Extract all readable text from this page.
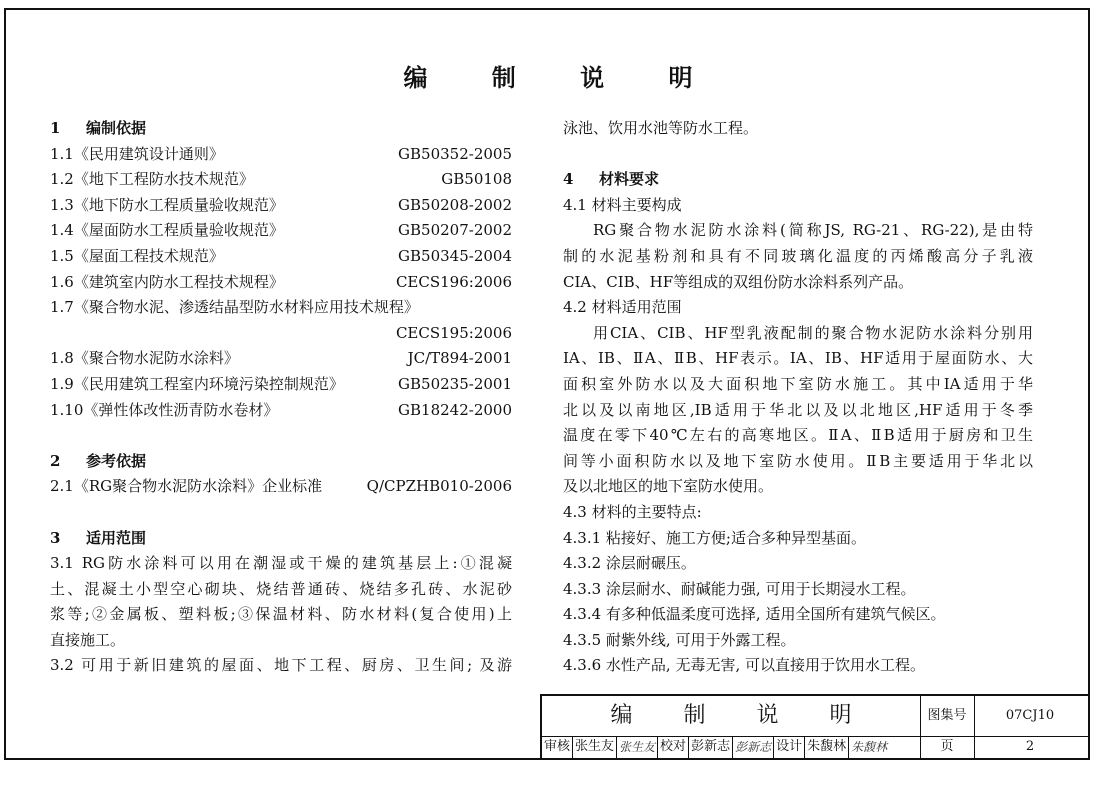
编 制 说 明
1 编制依据
1.1《民用建筑设计通则》	GB50352-2005
1.2《地下工程防水技术规范》	GB50108
1.3《地下防水工程质量验收规范》	GB50208-2002
1.4《屋面防水工程质量验收规范》	GB50207-2002
1.5《屋面工程技术规范》	GB50345-2004
1.6《建筑室内防水工程技术规程》	CECS196:2006
1.7《聚合物水泥、渗透结晶型防水材料应用技术规程》
CECS195:2006
1.8《聚合物水泥防水涂料》	JC/T894-2001
1.9《民用建筑工程室内环境污染控制规范》	GB50235-2001
1.10《弹性体改性沥青防水卷材》	GB18242-2000
2 参考依据
2.1《RG聚合物水泥防水涂料》企业标准	Q/CPZHB010-2006
3 适用范围
3.1 RG防水涂料可以用在潮湿或干燥的建筑基层上:①混凝
土、混凝土小型空心砌块、烧结普通砖、烧结多孔砖、水泥砂
浆等;②金属板、塑料板;③保温材料、防水材料(复合使用)上
直接施工。
3.2 可用于新旧建筑的屋面、地下工程、厨房、卫生间; 及游
泳池、饮用水池等防水工程。
4 材料要求
4.1 材料主要构成
RG聚合物水泥防水涂料(简称JS, RG-21、RG-22),是由特
制的水泥基粉剂和具有不同玻璃化温度的丙烯酸高分子乳液
CIA、CIB、HF等组成的双组份防水涂料系列产品。
4.2 材料适用范围
用CIA、CIB、HF型乳液配制的聚合物水泥防水涂料分别用
IA、IB、ⅡA、ⅡB、HF表示。IA、IB、HF适用于屋面防水、大
面积室外防水以及大面积地下室防水施工。其中IA适用于华
北以及以南地区,IB适用于华北以及以北地区,HF适用于冬季
温度在零下40℃左右的高寒地区。ⅡA、ⅡB适用于厨房和卫生
间等小面积防水以及地下室防水使用。ⅡB主要适用于华北以
及以北地区的地下室防水使用。
4.3 材料的主要特点:
4.3.1 粘接好、施工方便;适合多种异型基面。
4.3.2 涂层耐碾压。
4.3.3 涂层耐水、耐碱能力强, 可用于长期浸水工程。
4.3.4 有多种低温柔度可选择, 适用全国所有建筑气候区。
4.3.5 耐紫外线, 可用于外露工程。
4.3.6 水性产品, 无毒无害, 可以直接用于饮用水工程。
编 制 说 明	图集号	07CJ10
审核 张生友 张生友 校对 彭新志 彭新志 设计 朱馥林 朱馥林	页	2
